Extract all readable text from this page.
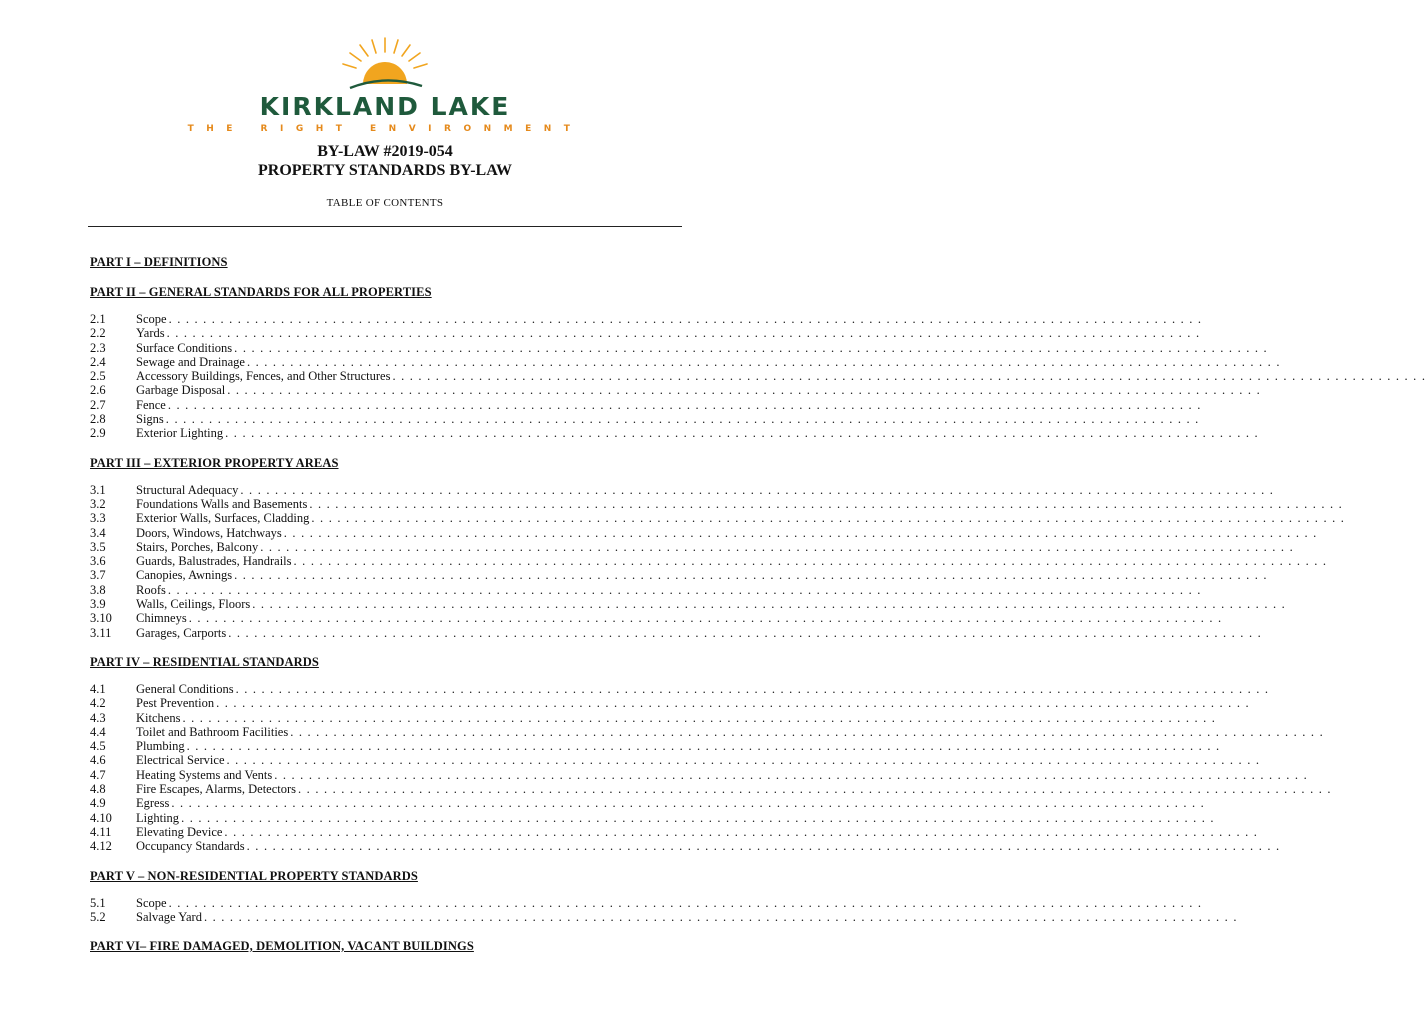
KIRKLAND LAKE
THE RIGHT ENVIRONMENT
BY-LAW #2019-054
PROPERTY STANDARDS BY-LAW
TABLE OF CONTENTS
PART I – DEFINITIONS
PART II – GENERAL STANDARDS FOR ALL PROPERTIES
2.1	Scope . . . . . . . . . . . . . . . . . . . . . . . . . . . . . . . . . . . . . . . . . . . . . . . . . . . . . . . . . . . . . . . . . . . . . . . . . . . . . . . . . . . . . . . . . . . . . . . . . . . . . . . . . . . . . . . . . . . . . . . .
2.2	Yards . . . . . . . . . . . . . . . . . . . . . . . . . . . . . . . . . . . . . . . . . . . . . . . . . . . . . . . . . . . . . . . . . . . . . . . . . . . . . . . . . . . . . . . . . . . . . . . . . . . . . . . . . . . . . . . . . . . . . . . .
2.3	Surface Conditions . . . . . . . . . . . . . . . . . . . . . . . . . . . . . . . . . . . . . . . . . . . . . . . . . . . . . . . . . . . . . . . . . . . . . . . . . . . . . . . . . . . . . . . . . . . . . . . . . . . . . . . . . . . . . . . . . . . . . . . .
2.4	Sewage and Drainage . . . . . . . . . . . . . . . . . . . . . . . . . . . . . . . . . . . . . . . . . . . . . . . . . . . . . . . . . . . . . . . . . . . . . . . . . . . . . . . . . . . . . . . . . . . . . . . . . . . . . . . . . . . . . . . . . . . . . . . .
2.5	Accessory Buildings, Fences, and Other Structures . . . . . . . . . . . . . . . . . . . . . . . . . . . . . . . . . . . . . . . . . . . . . . . . . . . . . . . . . . . . . . . . . . . . . . . . . . . . . . . . . . . . . . . . . . . . . . . . . . . . . . . . . . . . . . . . . . . . . . . .
2.6	Garbage Disposal . . . . . . . . . . . . . . . . . . . . . . . . . . . . . . . . . . . . . . . . . . . . . . . . . . . . . . . . . . . . . . . . . . . . . . . . . . . . . . . . . . . . . . . . . . . . . . . . . . . . . . . . . . . . . . . . . . . . . . . .
2.7	Fence . . . . . . . . . . . . . . . . . . . . . . . . . . . . . . . . . . . . . . . . . . . . . . . . . . . . . . . . . . . . . . . . . . . . . . . . . . . . . . . . . . . . . . . . . . . . . . . . . . . . . . . . . . . . . . . . . . . . . . . .
2.8	Signs . . . . . . . . . . . . . . . . . . . . . . . . . . . . . . . . . . . . . . . . . . . . . . . . . . . . . . . . . . . . . . . . . . . . . . . . . . . . . . . . . . . . . . . . . . . . . . . . . . . . . . . . . . . . . . . . . . . . . . . .
2.9	Exterior Lighting . . . . . . . . . . . . . . . . . . . . . . . . . . . . . . . . . . . . . . . . . . . . . . . . . . . . . . . . . . . . . . . . . . . . . . . . . . . . . . . . . . . . . . . . . . . . . . . . . . . . . . . . . . . . . . . . . . . . . . . .
PART III – EXTERIOR PROPERTY AREAS
3.1	Structural Adequacy . . . . . . . . . . . . . . . . . . . . . . . . . . . . . . . . . . . . . . . . . . . . . . . . . . . . . . . . . . . . . . . . . . . . . . . . . . . . . . . . . . . . . . . . . . . . . . . . . . . . . . . . . . . . . . . . . . . . . . . .
3.2	Foundations Walls and Basements . . . . . . . . . . . . . . . . . . . . . . . . . . . . . . . . . . . . . . . . . . . . . . . . . . . . . . . . . . . . . . . . . . . . . . . . . . . . . . . . . . . . . . . . . . . . . . . . . . . . . . . . . . . . . . . . . . . . . . . .
3.3	Exterior Walls, Surfaces, Cladding . . . . . . . . . . . . . . . . . . . . . . . . . . . . . . . . . . . . . . . . . . . . . . . . . . . . . . . . . . . . . . . . . . . . . . . . . . . . . . . . . . . . . . . . . . . . . . . . . . . . . . . . . . . . . . . . . . . . . . . .
3.4	Doors, Windows, Hatchways . . . . . . . . . . . . . . . . . . . . . . . . . . . . . . . . . . . . . . . . . . . . . . . . . . . . . . . . . . . . . . . . . . . . . . . . . . . . . . . . . . . . . . . . . . . . . . . . . . . . . . . . . . . . . . . . . . . . . . . .
3.5	Stairs, Porches, Balcony . . . . . . . . . . . . . . . . . . . . . . . . . . . . . . . . . . . . . . . . . . . . . . . . . . . . . . . . . . . . . . . . . . . . . . . . . . . . . . . . . . . . . . . . . . . . . . . . . . . . . . . . . . . . . . . . . . . . . . . .
3.6	Guards, Balustrades, Handrails . . . . . . . . . . . . . . . . . . . . . . . . . . . . . . . . . . . . . . . . . . . . . . . . . . . . . . . . . . . . . . . . . . . . . . . . . . . . . . . . . . . . . . . . . . . . . . . . . . . . . . . . . . . . . . . . . . . . . . . .
3.7	Canopies, Awnings . . . . . . . . . . . . . . . . . . . . . . . . . . . . . . . . . . . . . . . . . . . . . . . . . . . . . . . . . . . . . . . . . . . . . . . . . . . . . . . . . . . . . . . . . . . . . . . . . . . . . . . . . . . . . . . . . . . . . . . .
3.8	Roofs . . . . . . . . . . . . . . . . . . . . . . . . . . . . . . . . . . . . . . . . . . . . . . . . . . . . . . . . . . . . . . . . . . . . . . . . . . . . . . . . . . . . . . . . . . . . . . . . . . . . . . . . . . . . . . . . . . . . . . . .
3.9	Walls, Ceilings, Floors . . . . . . . . . . . . . . . . . . . . . . . . . . . . . . . . . . . . . . . . . . . . . . . . . . . . . . . . . . . . . . . . . . . . . . . . . . . . . . . . . . . . . . . . . . . . . . . . . . . . . . . . . . . . . . . . . . . . . . . .
3.10	Chimneys . . . . . . . . . . . . . . . . . . . . . . . . . . . . . . . . . . . . . . . . . . . . . . . . . . . . . . . . . . . . . . . . . . . . . . . . . . . . . . . . . . . . . . . . . . . . . . . . . . . . . . . . . . . . . . . . . . . . . . . .
3.11	Garages, Carports . . . . . . . . . . . . . . . . . . . . . . . . . . . . . . . . . . . . . . . . . . . . . . . . . . . . . . . . . . . . . . . . . . . . . . . . . . . . . . . . . . . . . . . . . . . . . . . . . . . . . . . . . . . . . . . . . . . . . . . .
PART IV – RESIDENTIAL STANDARDS
4.1	General Conditions . . . . . . . . . . . . . . . . . . . . . . . . . . . . . . . . . . . . . . . . . . . . . . . . . . . . . . . . . . . . . . . . . . . . . . . . . . . . . . . . . . . . . . . . . . . . . . . . . . . . . . . . . . . . . . . . . . . . . . . .
4.2	Pest Prevention . . . . . . . . . . . . . . . . . . . . . . . . . . . . . . . . . . . . . . . . . . . . . . . . . . . . . . . . . . . . . . . . . . . . . . . . . . . . . . . . . . . . . . . . . . . . . . . . . . . . . . . . . . . . . . . . . . . . . . . .
4.3	Kitchens . . . . . . . . . . . . . . . . . . . . . . . . . . . . . . . . . . . . . . . . . . . . . . . . . . . . . . . . . . . . . . . . . . . . . . . . . . . . . . . . . . . . . . . . . . . . . . . . . . . . . . . . . . . . . . . . . . . . . . . .
4.4	Toilet and Bathroom Facilities . . . . . . . . . . . . . . . . . . . . . . . . . . . . . . . . . . . . . . . . . . . . . . . . . . . . . . . . . . . . . . . . . . . . . . . . . . . . . . . . . . . . . . . . . . . . . . . . . . . . . . . . . . . . . . . . . . . . . . . .
4.5	Plumbing . . . . . . . . . . . . . . . . . . . . . . . . . . . . . . . . . . . . . . . . . . . . . . . . . . . . . . . . . . . . . . . . . . . . . . . . . . . . . . . . . . . . . . . . . . . . . . . . . . . . . . . . . . . . . . . . . . . . . . . .
4.6	Electrical Service . . . . . . . . . . . . . . . . . . . . . . . . . . . . . . . . . . . . . . . . . . . . . . . . . . . . . . . . . . . . . . . . . . . . . . . . . . . . . . . . . . . . . . . . . . . . . . . . . . . . . . . . . . . . . . . . . . . . . . . .
4.7	Heating Systems and Vents . . . . . . . . . . . . . . . . . . . . . . . . . . . . . . . . . . . . . . . . . . . . . . . . . . . . . . . . . . . . . . . . . . . . . . . . . . . . . . . . . . . . . . . . . . . . . . . . . . . . . . . . . . . . . . . . . . . . . . . .
4.8	Fire Escapes, Alarms, Detectors . . . . . . . . . . . . . . . . . . . . . . . . . . . . . . . . . . . . . . . . . . . . . . . . . . . . . . . . . . . . . . . . . . . . . . . . . . . . . . . . . . . . . . . . . . . . . . . . . . . . . . . . . . . . . . . . . . . . . . . .
4.9	Egress . . . . . . . . . . . . . . . . . . . . . . . . . . . . . . . . . . . . . . . . . . . . . . . . . . . . . . . . . . . . . . . . . . . . . . . . . . . . . . . . . . . . . . . . . . . . . . . . . . . . . . . . . . . . . . . . . . . . . . . .
4.10	Lighting . . . . . . . . . . . . . . . . . . . . . . . . . . . . . . . . . . . . . . . . . . . . . . . . . . . . . . . . . . . . . . . . . . . . . . . . . . . . . . . . . . . . . . . . . . . . . . . . . . . . . . . . . . . . . . . . . . . . . . . .
4.11	Elevating Device . . . . . . . . . . . . . . . . . . . . . . . . . . . . . . . . . . . . . . . . . . . . . . . . . . . . . . . . . . . . . . . . . . . . . . . . . . . . . . . . . . . . . . . . . . . . . . . . . . . . . . . . . . . . . . . . . . . . . . . .
4.12	Occupancy Standards . . . . . . . . . . . . . . . . . . . . . . . . . . . . . . . . . . . . . . . . . . . . . . . . . . . . . . . . . . . . . . . . . . . . . . . . . . . . . . . . . . . . . . . . . . . . . . . . . . . . . . . . . . . . . . . . . . . . . . . .
PART V – NON-RESIDENTIAL PROPERTY STANDARDS
5.1	Scope . . . . . . . . . . . . . . . . . . . . . . . . . . . . . . . . . . . . . . . . . . . . . . . . . . . . . . . . . . . . . . . . . . . . . . . . . . . . . . . . . . . . . . . . . . . . . . . . . . . . . . . . . . . . . . . . . . . . . . . .
5.2	Salvage Yard . . . . . . . . . . . . . . . . . . . . . . . . . . . . . . . . . . . . . . . . . . . . . . . . . . . . . . . . . . . . . . . . . . . . . . . . . . . . . . . . . . . . . . . . . . . . . . . . . . . . . . . . . . . . . . . . . . . . . . . .
PART VI– FIRE DAMAGED, DEMOLITION, VACANT BUILDINGS
